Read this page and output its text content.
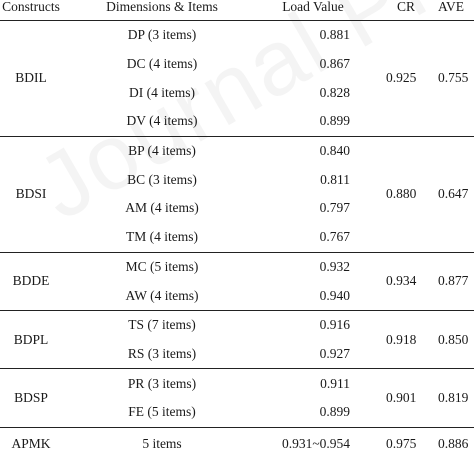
Constructs	Dimensions & Items	Load Value	CR	AVE
BDIL	DP (3 items)	0.881	0.925	0.755
	DC (4 items)	0.867		
	DI (4 items)	0.828		
	DV (4 items)	0.899		
BDSI	BP (4 items)	0.840	0.880	0.647
	BC (3 items)	0.811		
	AM (4 items)	0.797		
	TM (4 items)	0.767		
BDDE	MC (5 items)	0.932	0.934	0.877
	AW (4 items)	0.940		
BDPL	TS (7 items)	0.916	0.918	0.850
	RS (3 items)	0.927		
BDSP	PR (3 items)	0.911	0.901	0.819
	FE (5 items)	0.899		
APMK	5 items	0.931~0.954	0.975	0.886
